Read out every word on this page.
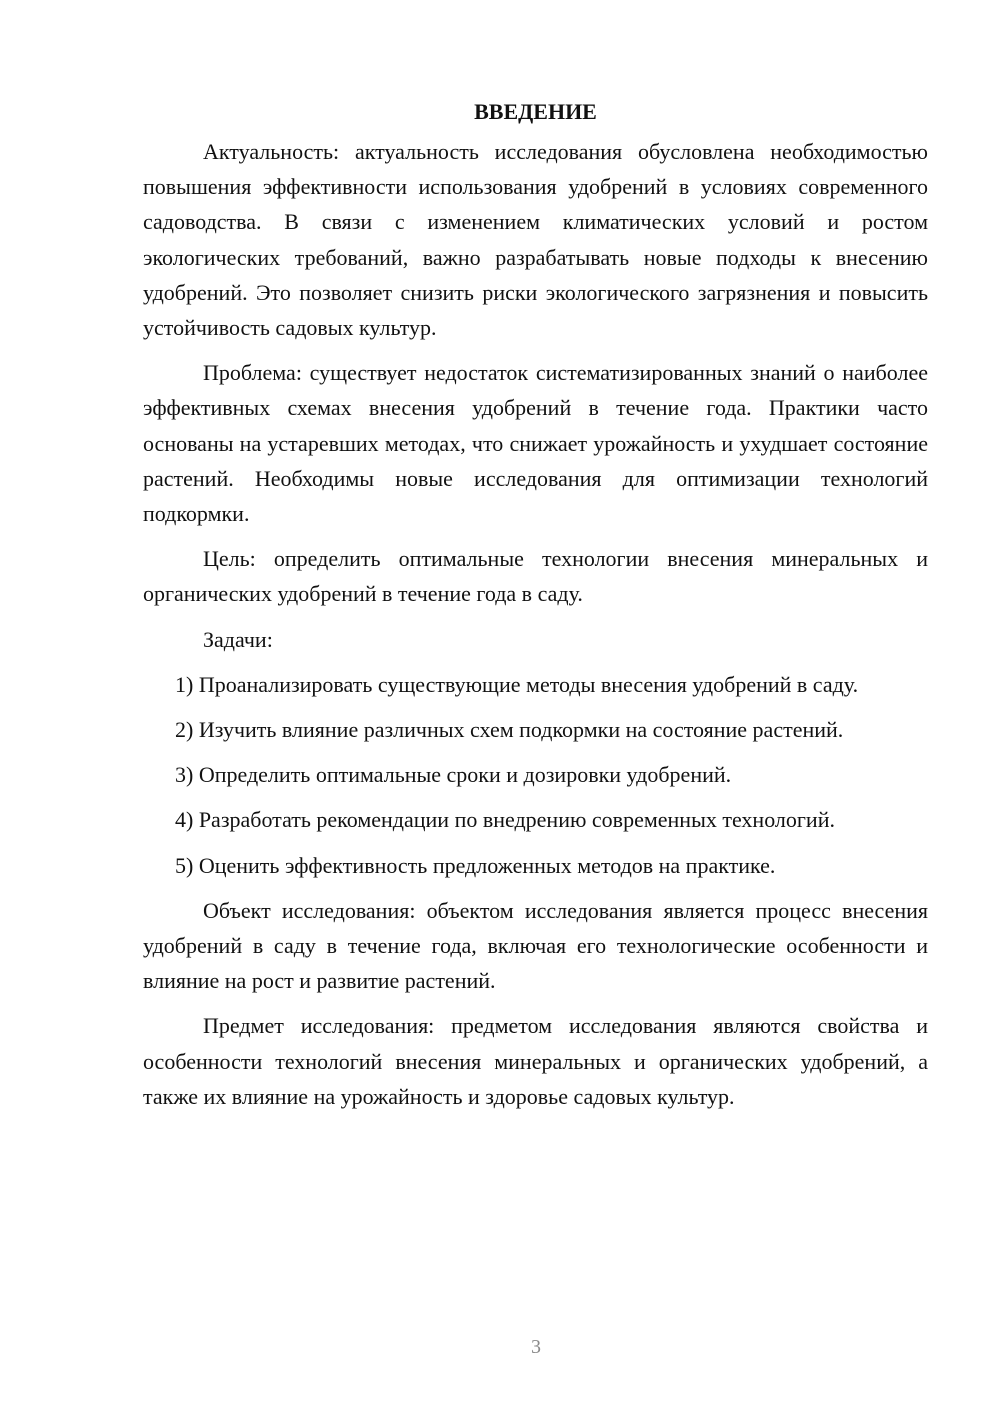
ВВЕДЕНИЕ

Актуальность: актуальность исследования обусловлена необходимостью повышения эффективности использования удобрений в условиях современного садоводства. В связи с изменением климатических условий и ростом экологических требований, важно разрабатывать новые подходы к внесению удобрений. Это позволяет снизить риски экологического загрязнения и повысить устойчивость садовых культур.

Проблема: существует недостаток систематизированных знаний о наиболее эффективных схемах внесения удобрений в течение года. Практики часто основаны на устаревших методах, что снижает урожайность и ухудшает состояние растений. Необходимы новые исследования для оптимизации технологий подкормки.

Цель: определить оптимальные технологии внесения минеральных и органических удобрений в течение года в саду.

Задачи:

1) Проанализировать существующие методы внесения удобрений в саду.

2) Изучить влияние различных схем подкормки на состояние растений.

3) Определить оптимальные сроки и дозировки удобрений.

4) Разработать рекомендации по внедрению современных технологий.

5) Оценить эффективность предложенных методов на практике.

Объект исследования: объектом исследования является процесс внесения удобрений в саду в течение года, включая его технологические особенности и влияние на рост и развитие растений.

Предмет исследования: предметом исследования являются свойства и особенности технологий внесения минеральных и органических удобрений, а также их влияние на урожайность и здоровье садовых культур.

3
